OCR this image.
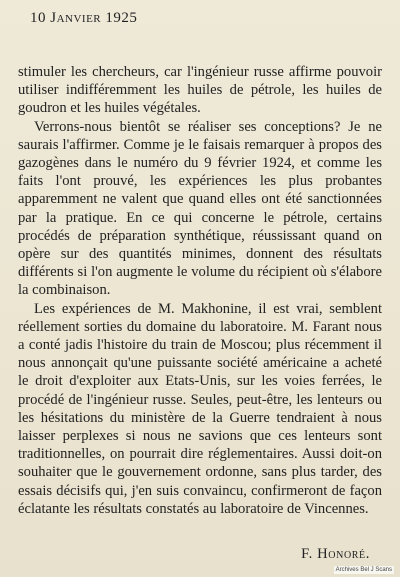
10 Janvier 1925

stimuler les chercheurs, car l'ingénieur russe affirme pouvoir utiliser indifféremment les huiles de pétrole, les huiles de goudron et les huiles végétales.

Verrons-nous bientôt se réaliser ses conceptions? Je ne saurais l'affirmer. Comme je le faisais remarquer à propos des gazogènes dans le numéro du 9 février 1924, et comme les faits l'ont prouvé, les expériences les plus probantes apparemment ne valent que quand elles ont été sanctionnées par la pratique. En ce qui concerne le pétrole, certains procédés de préparation synthétique, réussissant quand on opère sur des quantités minimes, donnent des résultats différents si l'on augmente le volume du récipient où s'élabore la combinaison.

Les expériences de M. Makhonine, il est vrai, semblent réellement sorties du domaine du laboratoire. M. Farant nous a conté jadis l'histoire du train de Moscou; plus récemment il nous annonçait qu'une puissante société américaine a acheté le droit d'exploiter aux Etats-Unis, sur les voies ferrées, le procédé de l'ingénieur russe. Seules, peut-être, les lenteurs ou les hésitations du ministère de la Guerre tendraient à nous laisser perplexes si nous ne savions que ces lenteurs sont traditionnelles, on pourrait dire réglementaires. Aussi doit-on souhaiter que le gouvernement ordonne, sans plus tarder, des essais décisifs qui, j'en suis convaincu, confirmeront de façon éclatante les résultats constatés au laboratoire de Vincennes.

F. Honoré.
Archives Bel J Scans
